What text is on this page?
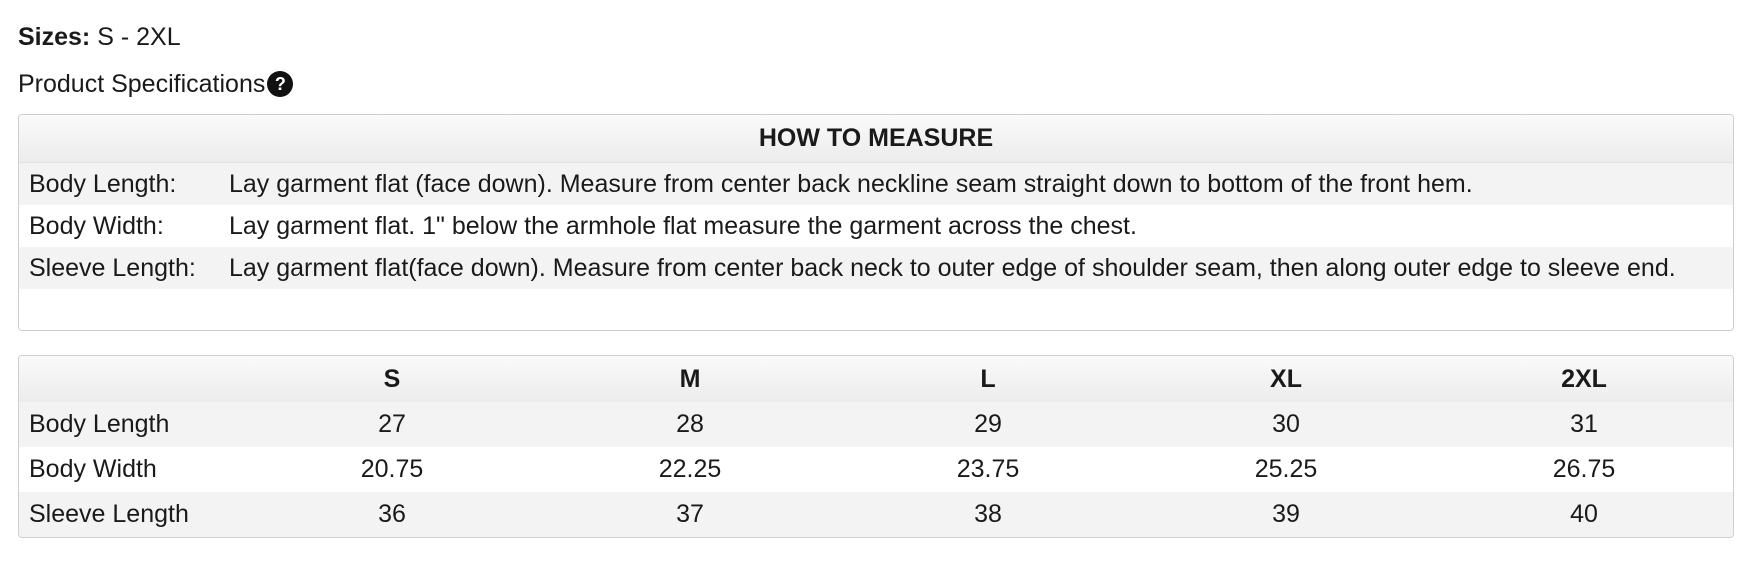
Sizes: S - 2XL
Product Specifications ?
HOW TO MEASURE
Body Length:	Lay garment flat (face down). Measure from center back neckline seam straight down to bottom of the front hem.
Body Width:	Lay garment flat. 1" below the armhole flat measure the garment across the chest.
Sleeve Length:	Lay garment flat(face down). Measure from center back neck to outer edge of shoulder seam, then along outer edge to sleeve end.
	S	M	L	XL	2XL
Body Length	27	28	29	30	31
Body Width	20.75	22.25	23.75	25.25	26.75
Sleeve Length	36	37	38	39	40
